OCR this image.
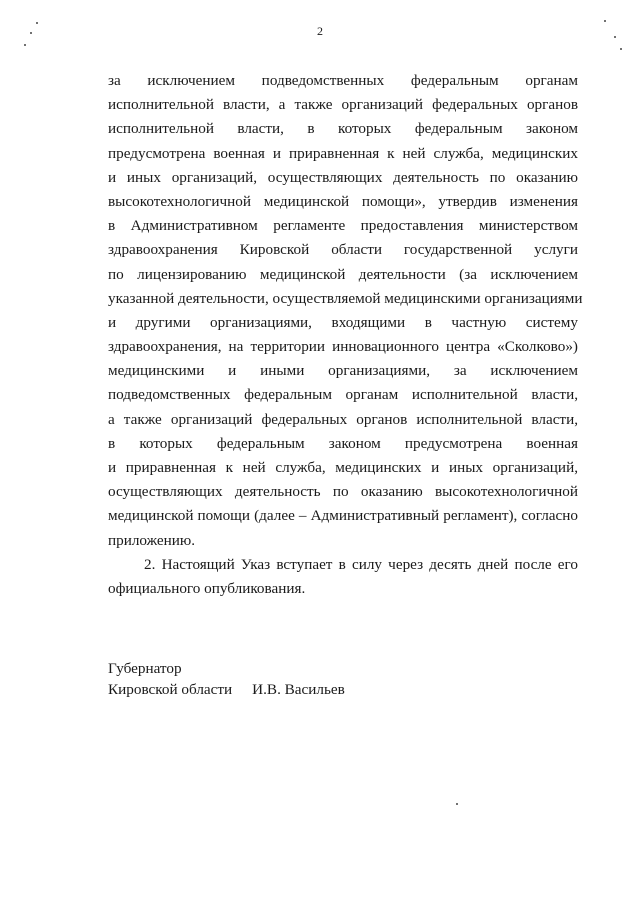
2
за исключением подведомственных федеральным органам
исполнительной власти, а также организаций федеральных органов
исполнительной власти, в которых федеральным законом
предусмотрена военная и приравненная к ней служба, медицинских
и иных организаций, осуществляющих деятельность по оказанию
высокотехнологичной медицинской помощи», утвердив изменения
в Административном регламенте предоставления министерством
здравоохранения Кировской области государственной услуги
по лицензированию медицинской деятельности (за исключением
указанной деятельности, осуществляемой медицинскими организациями
и другими организациями, входящими в частную систему
здравоохранения, на территории инновационного центра «Сколково»)
медицинскими и иными организациями, за исключением
подведомственных федеральным органам исполнительной власти,
а также организаций федеральных органов исполнительной власти,
в которых федеральным законом предусмотрена военная
и приравненная к ней служба, медицинских и иных организаций,
осуществляющих деятельность по оказанию высокотехнологичной
медицинской помощи (далее – Административный регламент), согласно
приложению.
2. Настоящий Указ вступает в силу через десять дней после его
официального опубликования.
Губернатор
Кировской области И.В. Васильев
